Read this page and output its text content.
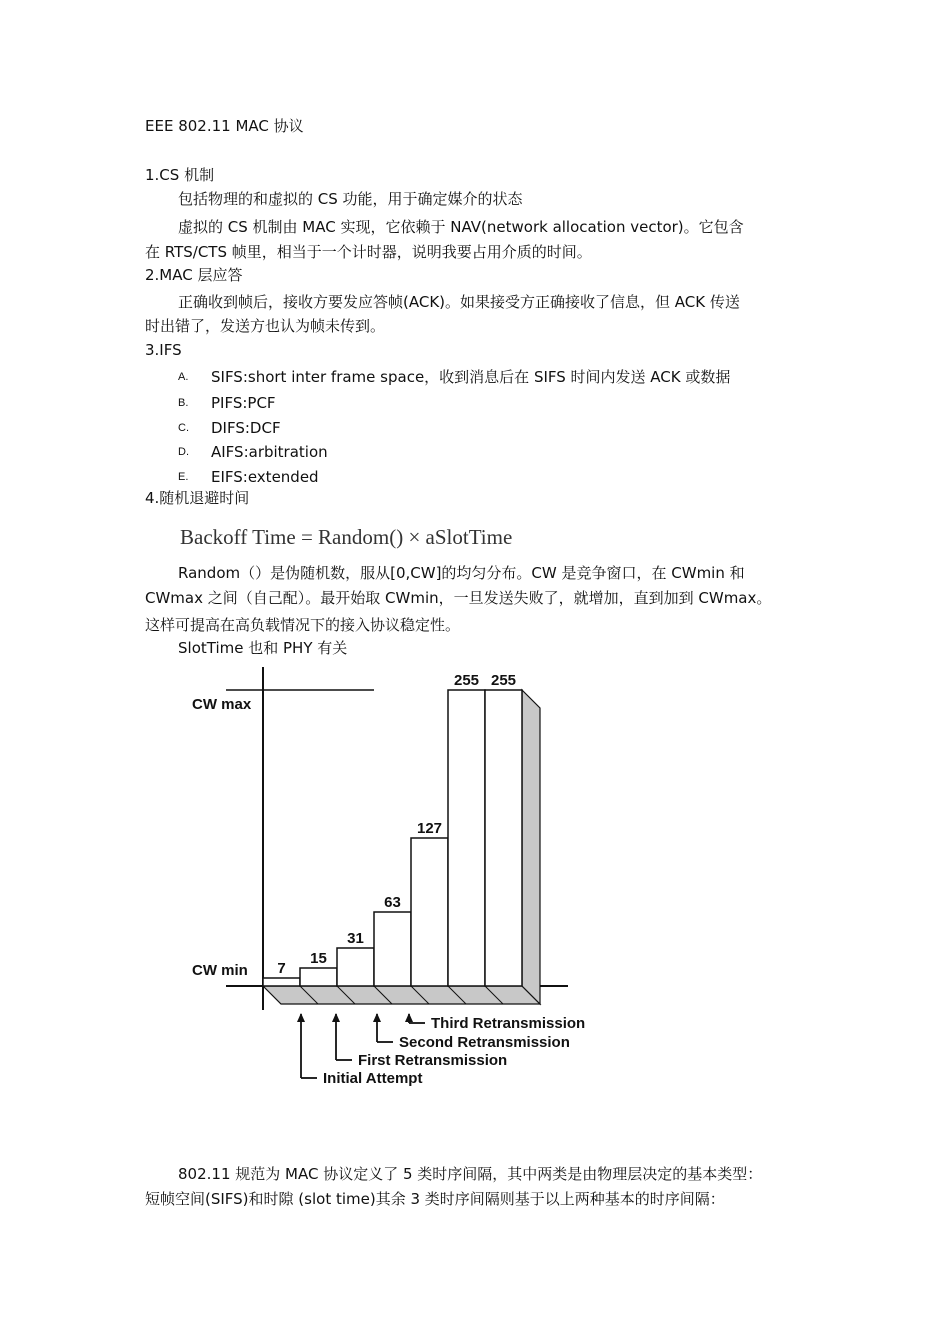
EEE 802.11 MAC 协议
1.CS 机制
包括物理的和虚拟的 CS 功能，用于确定媒介的状态
虚拟的 CS 机制由 MAC 实现，它依赖于 NAV(network allocation vector)。它包含
在 RTS/CTS 帧里，相当于一个计时器，说明我要占用介质的时间。
2.MAC 层应答
正确收到帧后，接收方要发应答帧(ACK)。如果接受方正确接收了信息，但 ACK 传送
时出错了，发送方也认为帧未传到。
3.IFS
A. SIFS:short inter frame space，收到消息后在 SIFS 时间内发送 ACK 或数据
B. PIFS:PCF
C. DIFS:DCF
D. AIFS:arbitration
E. EIFS:extended
4.随机退避时间
Backoff Time = Random() × aSlotTime
Random（）是伪随机数，服从[0,CW]的均匀分布。CW 是竞争窗口，在 CWmin 和
CWmax 之间（自己配）。最开始取 CWmin，一旦发送失败了，就增加，直到加到 CWmax。
这样可提高在高负载情况下的接入协议稳定性。
SlotTime 也和 PHY 有关
7
15
31
63
127
255 255
Initial Attempt
First Retransmission
Second Retransmission
Third Retransmission
CW max
CW min
802.11 规范为 MAC 协议定义了 5 类时序间隔，其中两类是由物理层决定的基本类型：
短帧空间(SIFS)和时隙 (slot time)其余 3 类时序间隔则基于以上两种基本的时序间隔：
